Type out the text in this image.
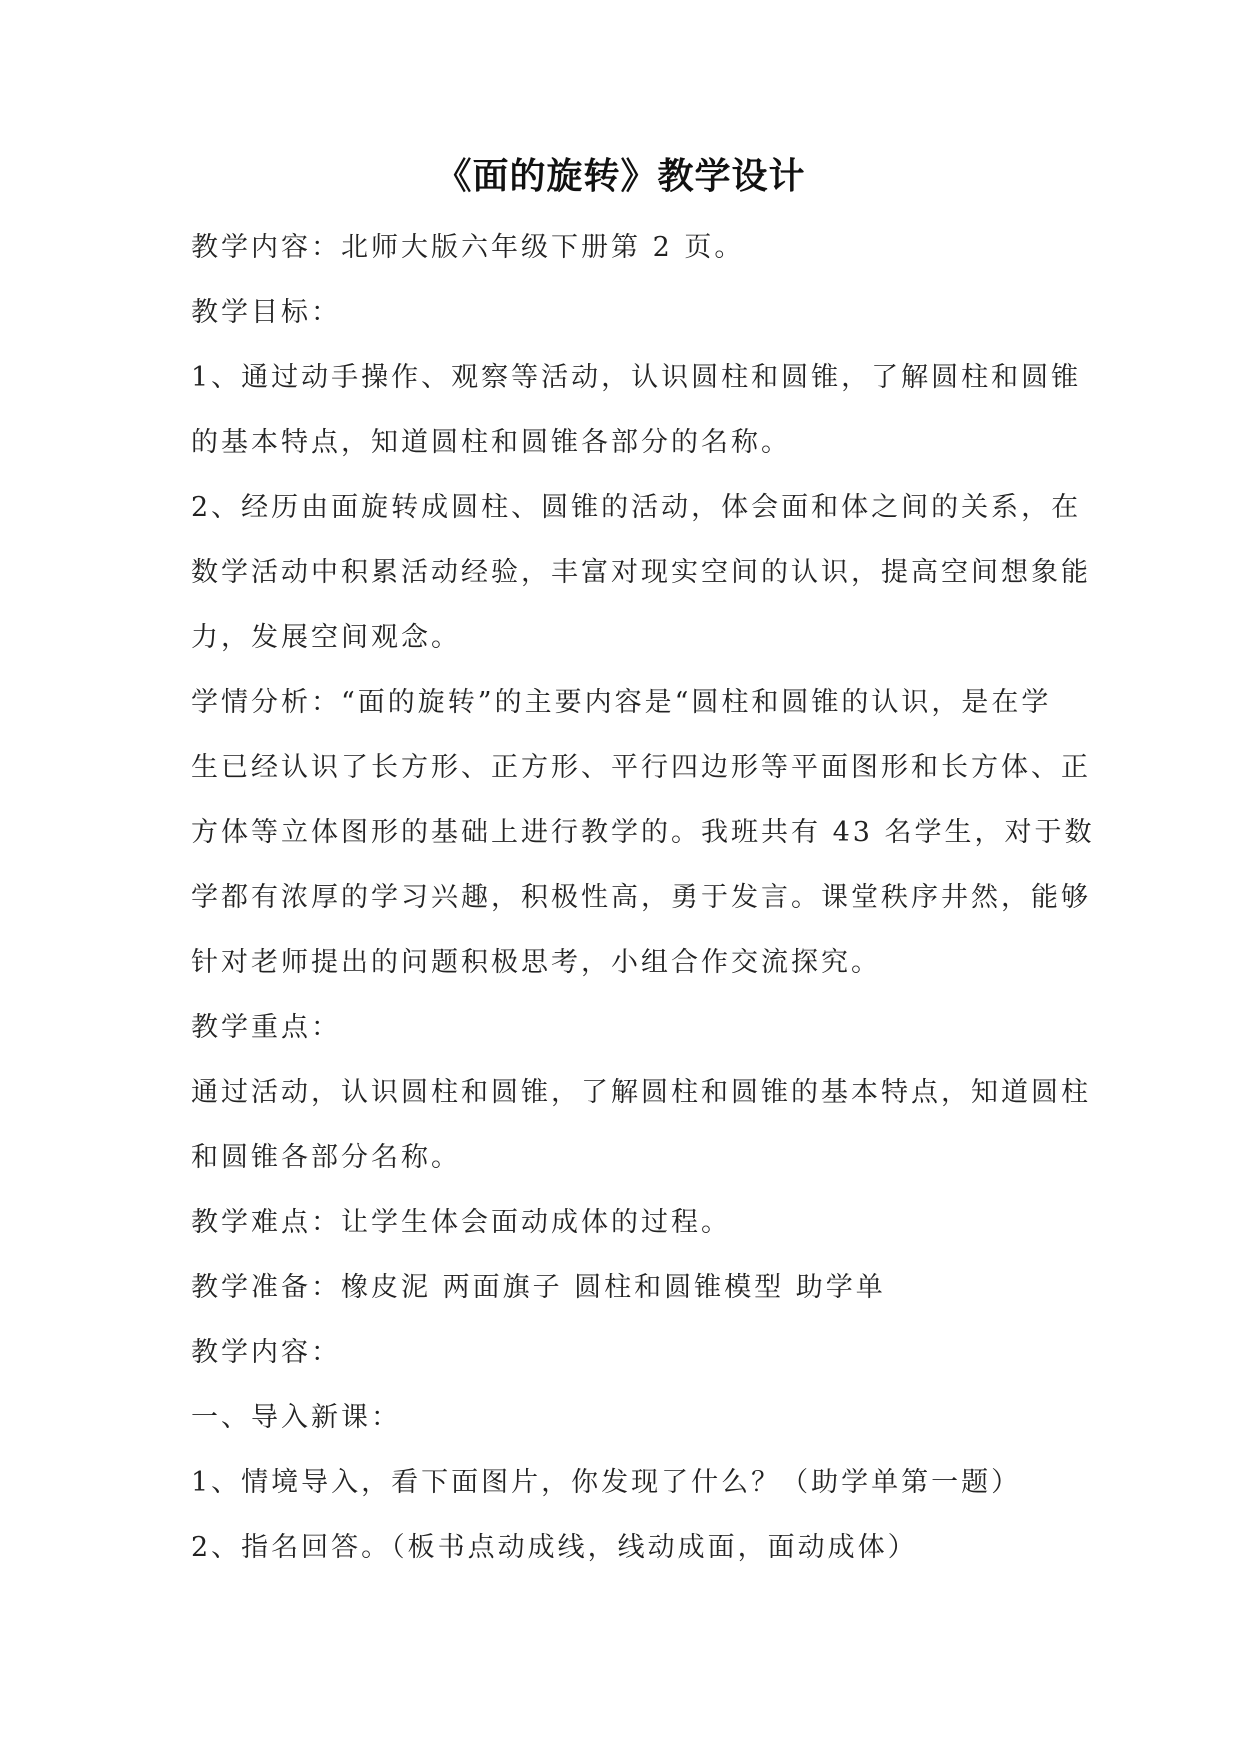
《面的旋转》教学设计
教学内容：北师大版六年级下册第 2 页。
教学目标：
1、通过动手操作、观察等活动，认识圆柱和圆锥，了解圆柱和圆锥
的基本特点，知道圆柱和圆锥各部分的名称。
2、经历由面旋转成圆柱、圆锥的活动，体会面和体之间的关系，在
数学活动中积累活动经验，丰富对现实空间的认识，提高空间想象能
力，发展空间观念。
学情分析：“面的旋转”的主要内容是“圆柱和圆锥的认识，是在学
生已经认识了长方形、正方形、平行四边形等平面图形和长方体、正
方体等立体图形的基础上进行教学的。我班共有 43 名学生，对于数
学都有浓厚的学习兴趣，积极性高，勇于发言。课堂秩序井然，能够
针对老师提出的问题积极思考，小组合作交流探究。
教学重点：
通过活动，认识圆柱和圆锥，了解圆柱和圆锥的基本特点，知道圆柱
和圆锥各部分名称。
教学难点：让学生体会面动成体的过程。
教学准备：橡皮泥 两面旗子 圆柱和圆锥模型 助学单
教学内容：
一、导入新课：
1、情境导入，看下面图片，你发现了什么？（助学单第一题）
2、指名回答。（板书点动成线，线动成面，面动成体）
